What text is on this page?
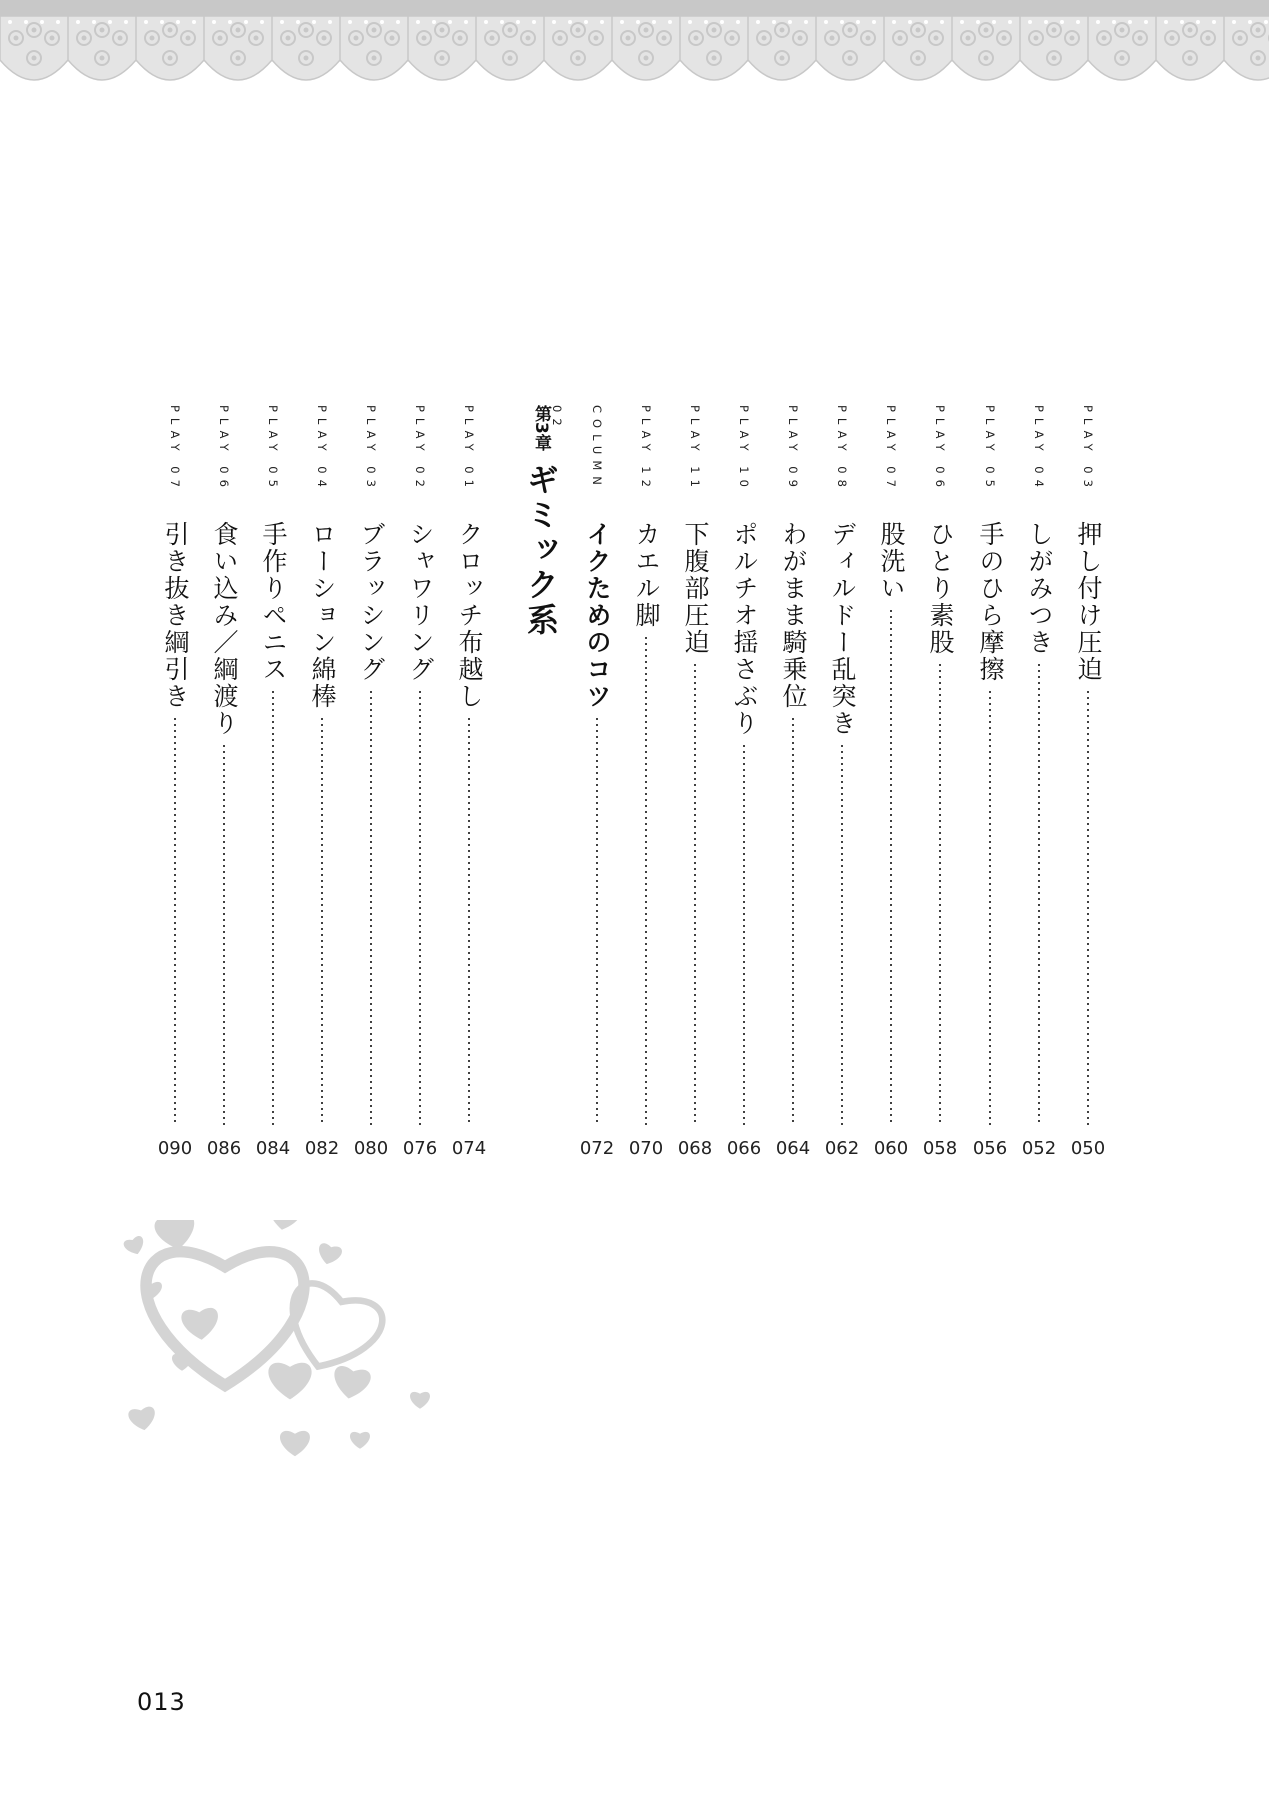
PLAY 03
押し付け圧迫
050
PLAY 04
しがみつき
052
PLAY 05
手のひら摩擦
056
PLAY 06
ひとり素股
058
PLAY 07
股洗い
060
PLAY 08
ディルドー乱突き
062
PLAY 09
わがまま騎乗位
064
PLAY 10
ポルチオ揺さぶり
066
PLAY 11
下腹部圧迫
068
PLAY 12
カエル脚
070
COLUMN 02
イクためのコツ
072
PLAY 01
クロッチ布越し
074
PLAY 02
シャワリング
076
PLAY 03
ブラッシング
080
PLAY 04
ローション綿棒
082
PLAY 05
手作りペニス
084
PLAY 06
食い込み／綱渡り
086
PLAY 07
引き抜き綱引き
090
第3章ギミック系
013
